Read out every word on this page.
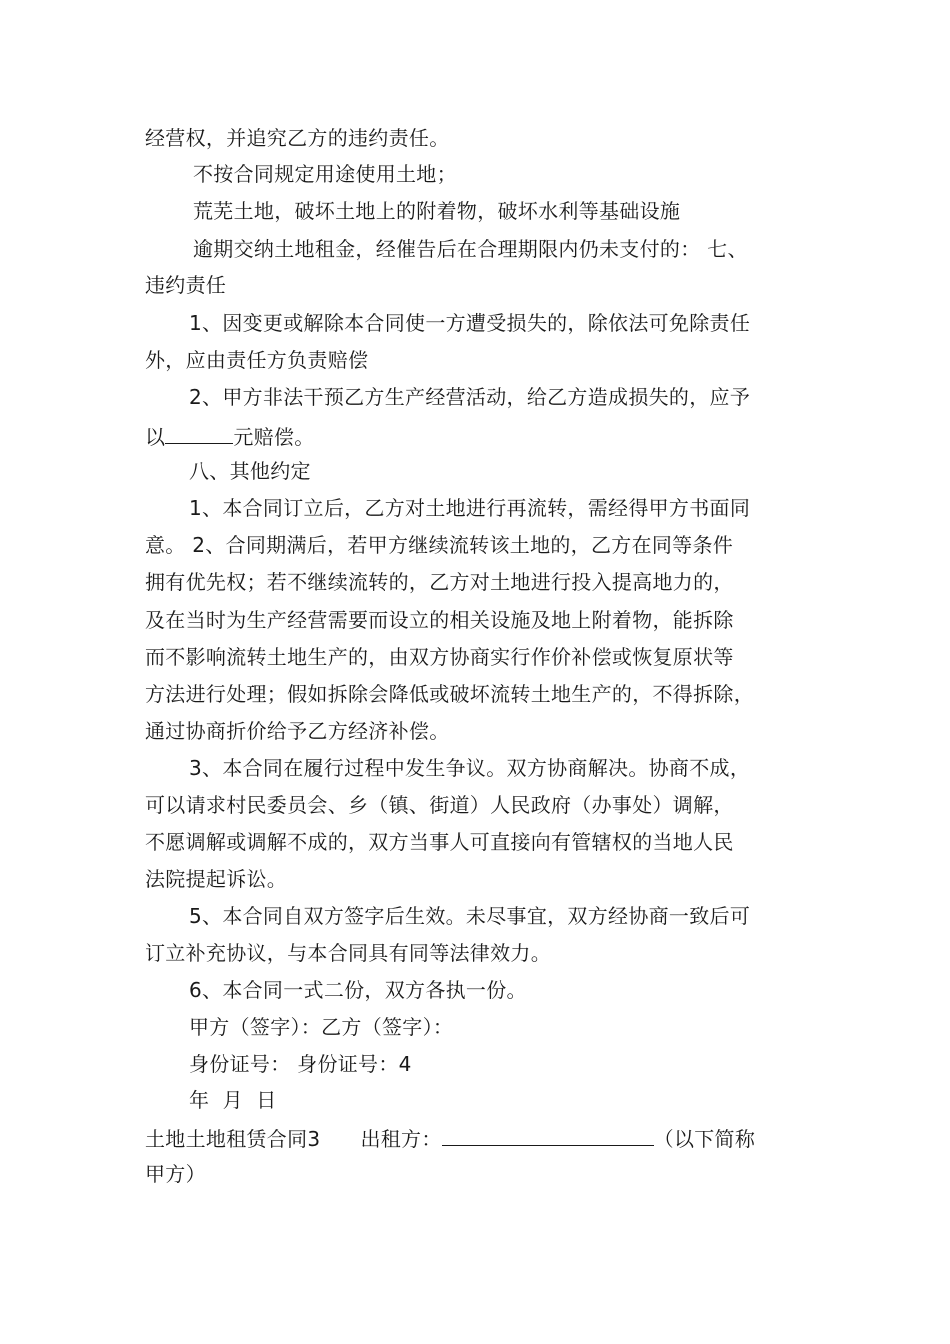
经营权，并追究乙方的违约责任。
不按合同规定用途使用土地；
荒芜土地，破坏土地上的附着物，破坏水利等基础设施
逾期交纳土地租金，经催告后在合理期限内仍未支付的： 七、
违约责任
1、因变更或解除本合同使一方遭受损失的，除依法可免除责任
外，应由责任方负责赔偿
2、甲方非法干预乙方生产经营活动，给乙方造成损失的，应予
以	元赔偿。
八、其他约定
1、本合同订立后，乙方对土地进行再流转，需经得甲方书面同
意。 2、合同期满后，若甲方继续流转该土地的，乙方在同等条件
拥有优先权；若不继续流转的，乙方对土地进行投入提高地力的，
及在当时为生产经营需要而设立的相关设施及地上附着物，能拆除
而不影响流转土地生产的，由双方协商实行作价补偿或恢复原状等
方法进行处理；假如拆除会降低或破坏流转土地生产的，不得拆除，
通过协商折价给予乙方经济补偿。
3、本合同在履行过程中发生争议。双方协商解决。协商不成，
可以请求村民委员会、乡（镇、街道）人民政府（办事处）调解，
不愿调解或调解不成的，双方当事人可直接向有管辖权的当地人民
法院提起诉讼。
5、本合同自双方签字后生效。未尽事宜，双方经协商一致后可
订立补充协议，与本合同具有同等法律效力。
6、本合同一式二份，双方各执一份。
甲方（签字）：乙方（签字）：
身份证号： 身份证号：4
年  月  日
土地土地租赁合同3 出租方：	（以下简称
甲方）
